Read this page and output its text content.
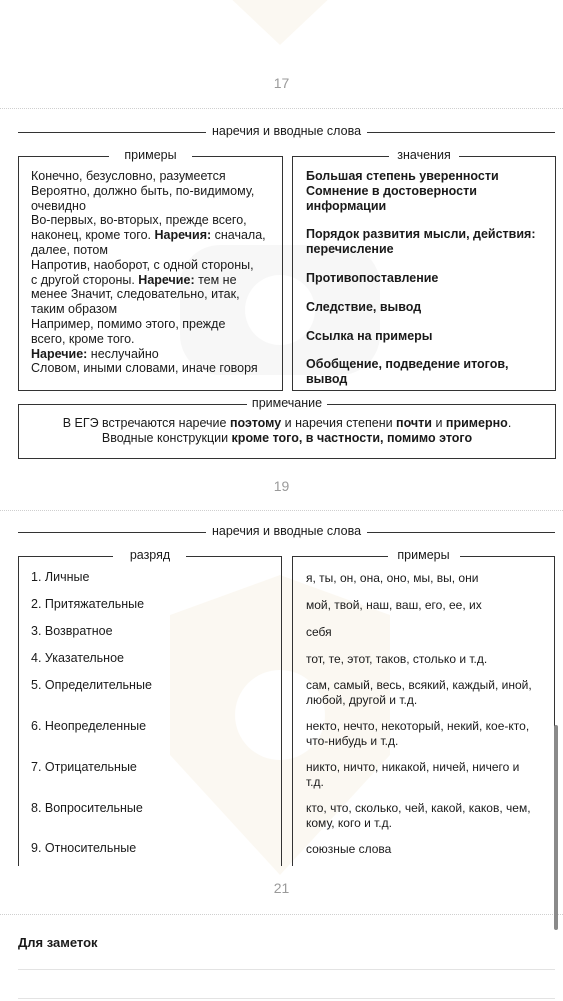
17
наречия и вводные слова
примеры
Конечно, безусловно, разумеется
Вероятно, должно быть, по-видимому,
очевидно
Во-первых, во-вторых, прежде всего,
наконец, кроме того. Наречия: сначала,
далее, потом
Напротив, наоборот, с одной стороны,
с другой стороны. Наречие: тем не
менее Значит, следовательно, итак,
таким образом
Например, помимо этого, прежде
всего, кроме того.
Наречие: неслучайно
Словом, иными словами, иначе говоря
значения
Большая степень уверенности
Сомнение в достоверности информации
Порядок развития мысли, действия: перечисление
Противопоставление
Следствие, вывод
Ссылка на примеры
Обобщение, подведение итогов, вывод
примечание
В ЕГЭ встречаются наречие поэтому и наречия степени почти и примерно.
Вводные конструкции кроме того, в частности, помимо этого
19
наречия и вводные слова
разряд	примеры
1. Личные	я, ты, он, она, оно, мы, вы, они
2. Притяжательные	мой, твой, наш, ваш, его, ее, их
3. Возвратное	себя
4. Указательное	тот, те, этот, таков, столько и т.д.
5. Определительные	сам, самый, весь, всякий, каждый, иной, любой, другой и т.д.
6. Неопределенные	некто, нечто, некоторый, некий, кое-кто, что-нибудь и т.д.
7. Отрицательные	никто, ничто, никакой, ничей, ничего и т.д.
8. Вопросительные	кто, что, сколько, чей, какой, каков, чем, кому, кого и т.д.
9. Относительные	союзные слова
21
Для заметок
